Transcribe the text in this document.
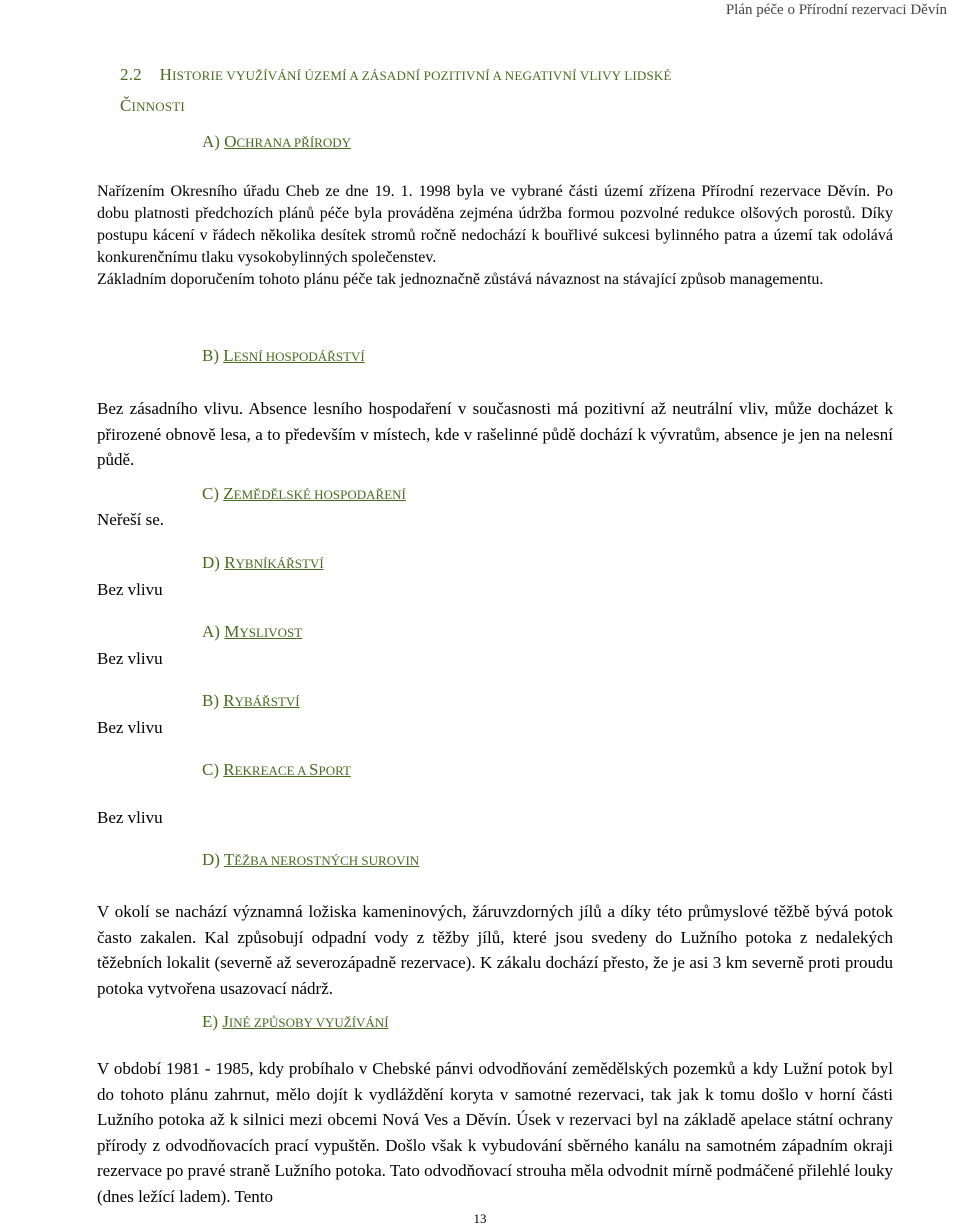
Plán péče o Přírodní rezervaci Děvín
2.2 HISTORIE VYUŽÍVÁNÍ ÚZEMÍ A ZÁSADNÍ POZITIVNÍ A NEGATIVNÍ VLIVY LIDSKÉ
ČINNOSTI
A) OCHRANA PŘÍRODY

Nařízením Okresního úřadu Cheb ze dne 19. 1. 1998 byla ve vybrané části území zřízena Přírodní rezervace Děvín. Po dobu platnosti předchozích plánů péče byla prováděna zejména údržba formou pozvolné redukce olšových porostů.

Díky postupu kácení v řádech několika desítek stromů ročně nedochází k bouřlivé sukcesi bylinného patra a území tak odolává konkurenčnímu tlaku vysokobylinných společenstev.

Základním doporučením tohoto plánu péče tak jednoznačně zůstává návaznost na stávající způsob managementu.

B) LESNÍ HOSPODÁŘSTVÍ
Bez zásadního vlivu. Absence lesního hospodaření v současnosti má pozitivní až neutrální vliv, může docházet k přirozené obnově lesa, a to především v místech, kde v rašelinné půdě dochází k vývratům, absence je jen na nelesní půdě.
C) ZEMĚDĚLSKÉ HOSPODAŘENÍ
Neřeší se.
D) RYBNÍKÁŘSTVÍ
Bez vlivu
A) MYSLIVOST
Bez vlivu
B) RYBÁŘSTVÍ
Bez vlivu
C) REKREACE A SPORT
Bez vlivu
D) TĚŽBA NEROSTNÝCH SUROVIN
V okolí se nachází významná ložiska kameninových, žáruvzdorných jílů a díky této průmyslové těžbě bývá potok často zakalen. Kal způsobují odpadní vody z těžby jílů, které jsou svedeny do Lužního potoka z nedalekých těžebních lokalit (severně až severozápadně rezervace). K zákalu dochází přesto, že je asi 3 km severně proti proudu potoka vytvořena usazovací nádrž.
E) JINÉ ZPŮSOBY VYUŽÍVÁNÍ
V období 1981 - 1985, kdy probíhalo v Chebské pánvi odvodňování zemědělských pozemků a kdy Lužní potok byl do tohoto plánu zahrnut, mělo dojít k vydláždění koryta v samotné rezervaci, tak jak k tomu došlo v horní části Lužního potoka až k silnici mezi obcemi Nová Ves a Děvín. Úsek v rezervaci byl na základě apelace státní ochrany přírody z odvodňovacích prací vypuštěn. Došlo však k vybudování sběrného kanálu na samotném západním okraji rezervace po pravé straně Lužního potoka. Tato odvodňovací strouha měla odvodnit mírně podmáčené přilehlé louky (dnes ležící ladem). Tento
13
